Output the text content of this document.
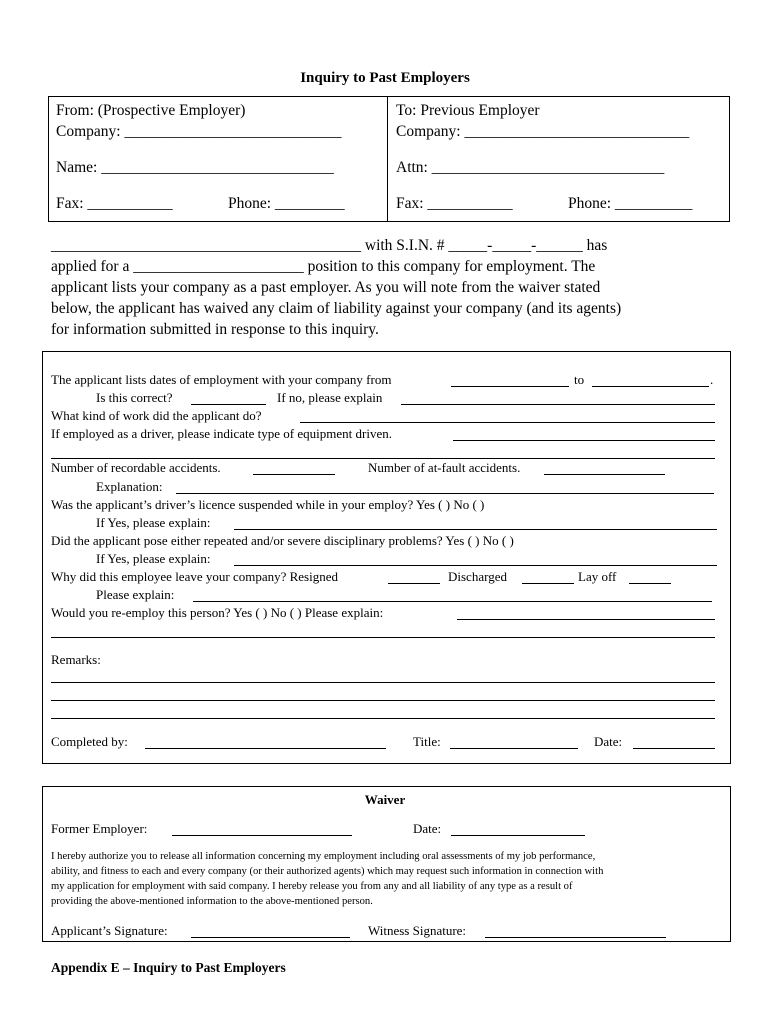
Inquiry to Past Employers
From: (Prospective Employer)
Company: ____________________________
Name: ______________________________
Fax: ___________	Phone: _________
To: Previous Employer
Company: _____________________________
Attn: ______________________________
Fax: ___________	Phone: __________
________________________________________ with S.I.N. # _____-_____-______ has
applied for a ______________________ position to this company for employment. The
applicant lists your company as a past employer. As you will note from the waiver stated
below, the applicant has waived any claim of liability against your company (and its agents)
for information submitted in response to this inquiry.
The applicant lists dates of employment with your company from	to	.
Is this correct?	If no, please explain
What kind of work did the applicant do?
If employed as a driver, please indicate type of equipment driven.
Number of recordable accidents.	Number of at-fault accidents.
Explanation:
Was the applicant’s driver’s licence suspended while in your employ? Yes ( ) No ( )
If Yes, please explain:
Did the applicant pose either repeated and/or severe disciplinary problems? Yes ( ) No ( )
If Yes, please explain:
Why did this employee leave your company? Resigned	Discharged	Lay off
Please explain:
Would you re-employ this person? Yes ( ) No ( ) Please explain:
Remarks:
Completed by:	Title:	Date:
Waiver
Former Employer:	Date:
I hereby authorize you to release all information concerning my employment including oral assessments of my job performance,
ability, and fitness to each and every company (or their authorized agents) which may request such information in connection with
my application for employment with said company. I hereby release you from any and all liability of any type as a result of
providing the above-mentioned information to the above-mentioned person.
Applicant’s Signature:	Witness Signature:
Appendix E – Inquiry to Past Employers
